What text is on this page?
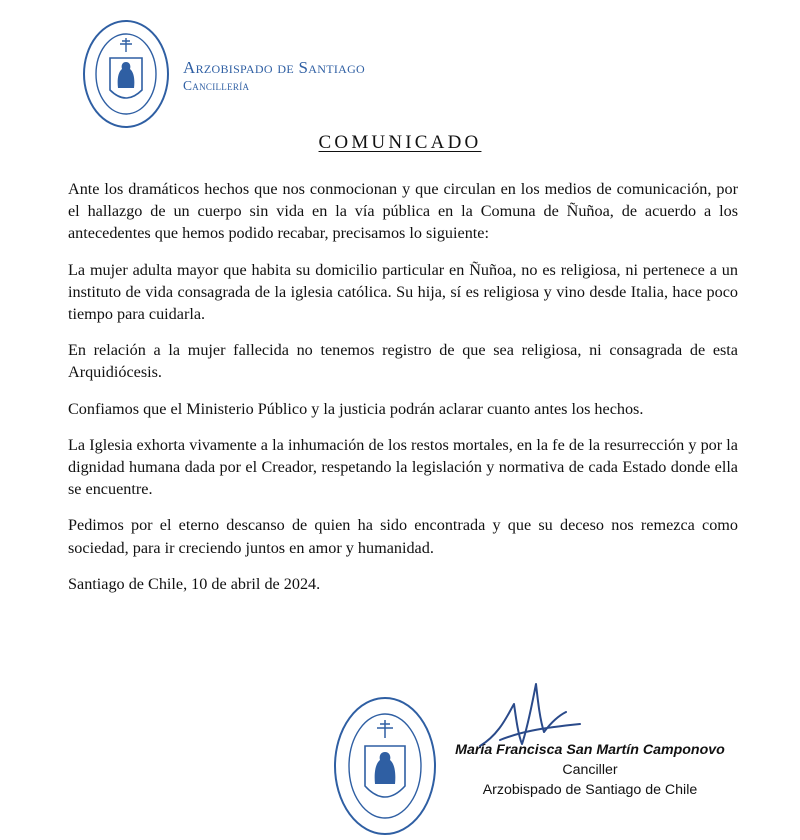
Arzobispado de Santiago
Cancillería
COMUNICADO

Ante los dramáticos hechos que nos conmocionan y que circulan en los medios de comunicación, por el hallazgo de un cuerpo sin vida en la vía pública en la Comuna de Ñuñoa, de acuerdo a los antecedentes que hemos podido recabar, precisamos lo siguiente:

La mujer adulta mayor que habita su domicilio particular en Ñuñoa, no es religiosa, ni pertenece a un instituto de vida consagrada de la iglesia católica. Su hija, sí es religiosa y vino desde Italia, hace poco tiempo para cuidarla.

En relación a la mujer fallecida no tenemos registro de que sea religiosa, ni consagrada de esta Arquidiócesis.

Confiamos que el Ministerio Público y la justicia podrán aclarar cuanto antes los hechos.

La Iglesia exhorta vivamente a la inhumación de los restos mortales, en la fe de la resurrección y por la dignidad humana dada por el Creador, respetando la legislación y normativa de cada Estado donde ella se encuentre.

Pedimos por el eterno descanso de quien ha sido encontrada y que su deceso nos remezca como sociedad, para ir creciendo juntos en amor y humanidad.

Santiago de Chile, 10 de abril de 2024.

María Francisca San Martín Camponovo
Canciller
Arzobispado de Santiago de Chile
